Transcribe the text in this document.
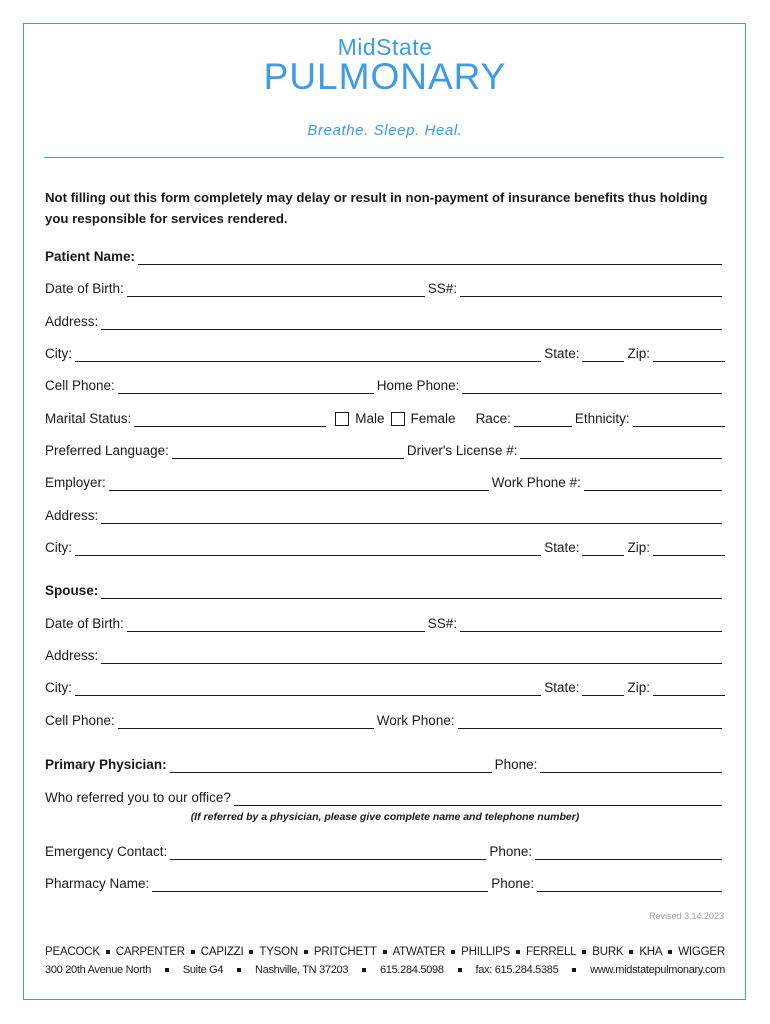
MidState
PULMONARY
Breathe. Sleep. Heal.
Not filling out this form completely may delay or result in non-payment of insurance benefits thus holding you responsible for services rendered.
Patient Name:
Date of Birth:	SS#:
Address:
City:	State:	Zip:
Cell Phone:	Home Phone:
Marital Status:	Male Female Race:	Ethnicity:
Preferred Language:	Driver's License #:
Employer:	Work Phone #:
Address:
City:	State:	Zip:
Spouse:
Date of Birth:	SS#:
Address:
City:	State:	Zip:
Cell Phone:	Work Phone:
Primary Physician:	Phone:
Who referred you to our office?
(If referred by a physician, please give complete name and telephone number)
Emergency Contact:	Phone:
Pharmacy Name:	Phone:
Revised 3.14.2023
PEACOCK CARPENTER CAPIZZI TYSON PRITCHETT ATWATER PHILLIPS FERRELL BURK KHA WIGGER
300 20th Avenue North	Suite G4	Nashville, TN 37203	615.284.5098	fax: 615.284.5385	www.midstatepulmonary.com
